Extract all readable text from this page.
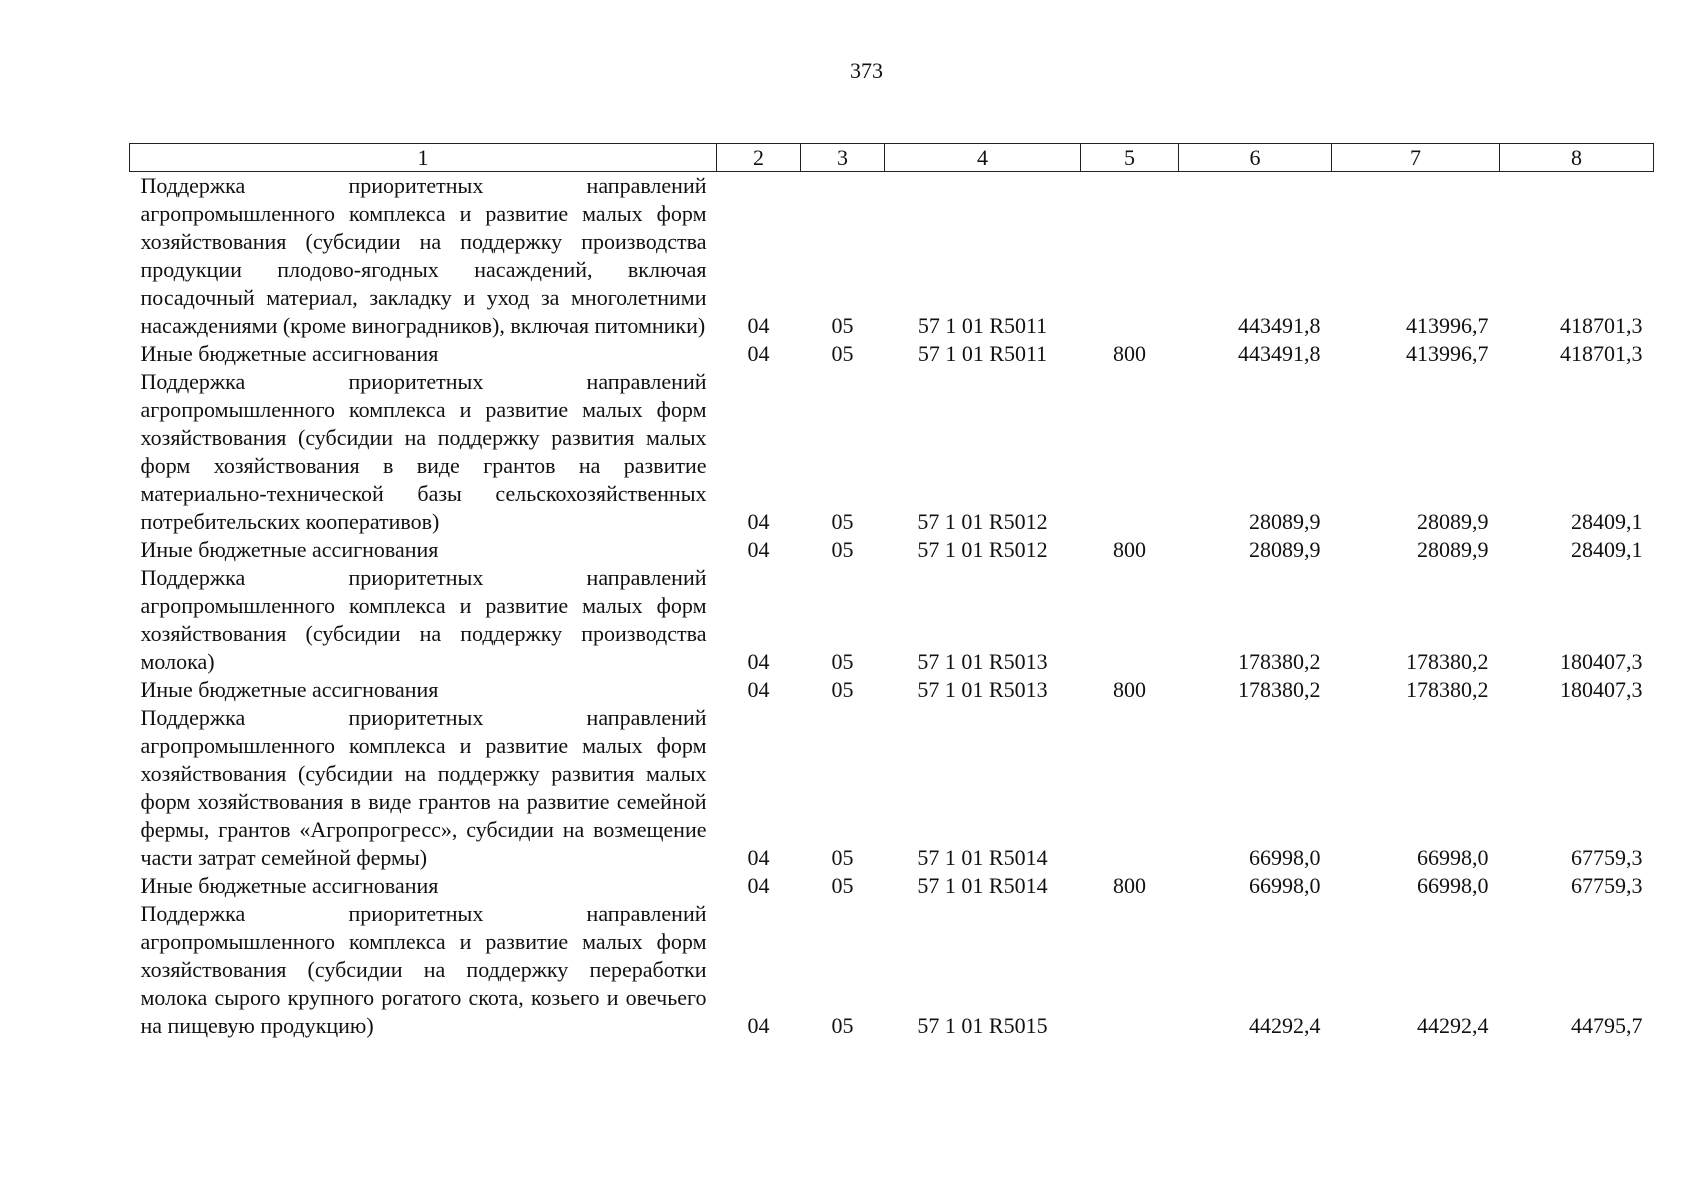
373
1	2	3	4	5	6	7	8
Поддержка приоритетных направлений агропромышленного комплекса и развитие малых форм хозяйствования (субсидии на поддержку производства продукции плодово-ягодных насаждений, включая посадочный материал, закладку и уход за многолетними насаждениями (кроме виноградников), включая питомники)	04	05	57 1 01 R5011		443491,8	413996,7	418701,3
Иные бюджетные ассигнования	04	05	57 1 01 R5011	800	443491,8	413996,7	418701,3
Поддержка приоритетных направлений агропромышленного комплекса и развитие малых форм хозяйствования (субсидии на поддержку развития малых форм хозяйствования в виде грантов на развитие материально-технической базы сельскохозяйственных потребительских кооперативов)	04	05	57 1 01 R5012		28089,9	28089,9	28409,1
Иные бюджетные ассигнования	04	05	57 1 01 R5012	800	28089,9	28089,9	28409,1
Поддержка приоритетных направлений агропромышленного комплекса и развитие малых форм хозяйствования (субсидии на поддержку производства молока)	04	05	57 1 01 R5013		178380,2	178380,2	180407,3
Иные бюджетные ассигнования	04	05	57 1 01 R5013	800	178380,2	178380,2	180407,3
Поддержка приоритетных направлений агропромышленного комплекса и развитие малых форм хозяйствования (субсидии на поддержку развития малых форм хозяйствования в виде грантов на развитие семейной фермы, грантов «Агропрогресс», субсидии на возмещение части затрат семейной фермы)	04	05	57 1 01 R5014		66998,0	66998,0	67759,3
Иные бюджетные ассигнования	04	05	57 1 01 R5014	800	66998,0	66998,0	67759,3
Поддержка приоритетных направлений агропромышленного комплекса и развитие малых форм хозяйствования (субсидии на поддержку переработки молока сырого крупного рогатого скота, козьего и овечьего на пищевую продукцию)	04	05	57 1 01 R5015		44292,4	44292,4	44795,7
